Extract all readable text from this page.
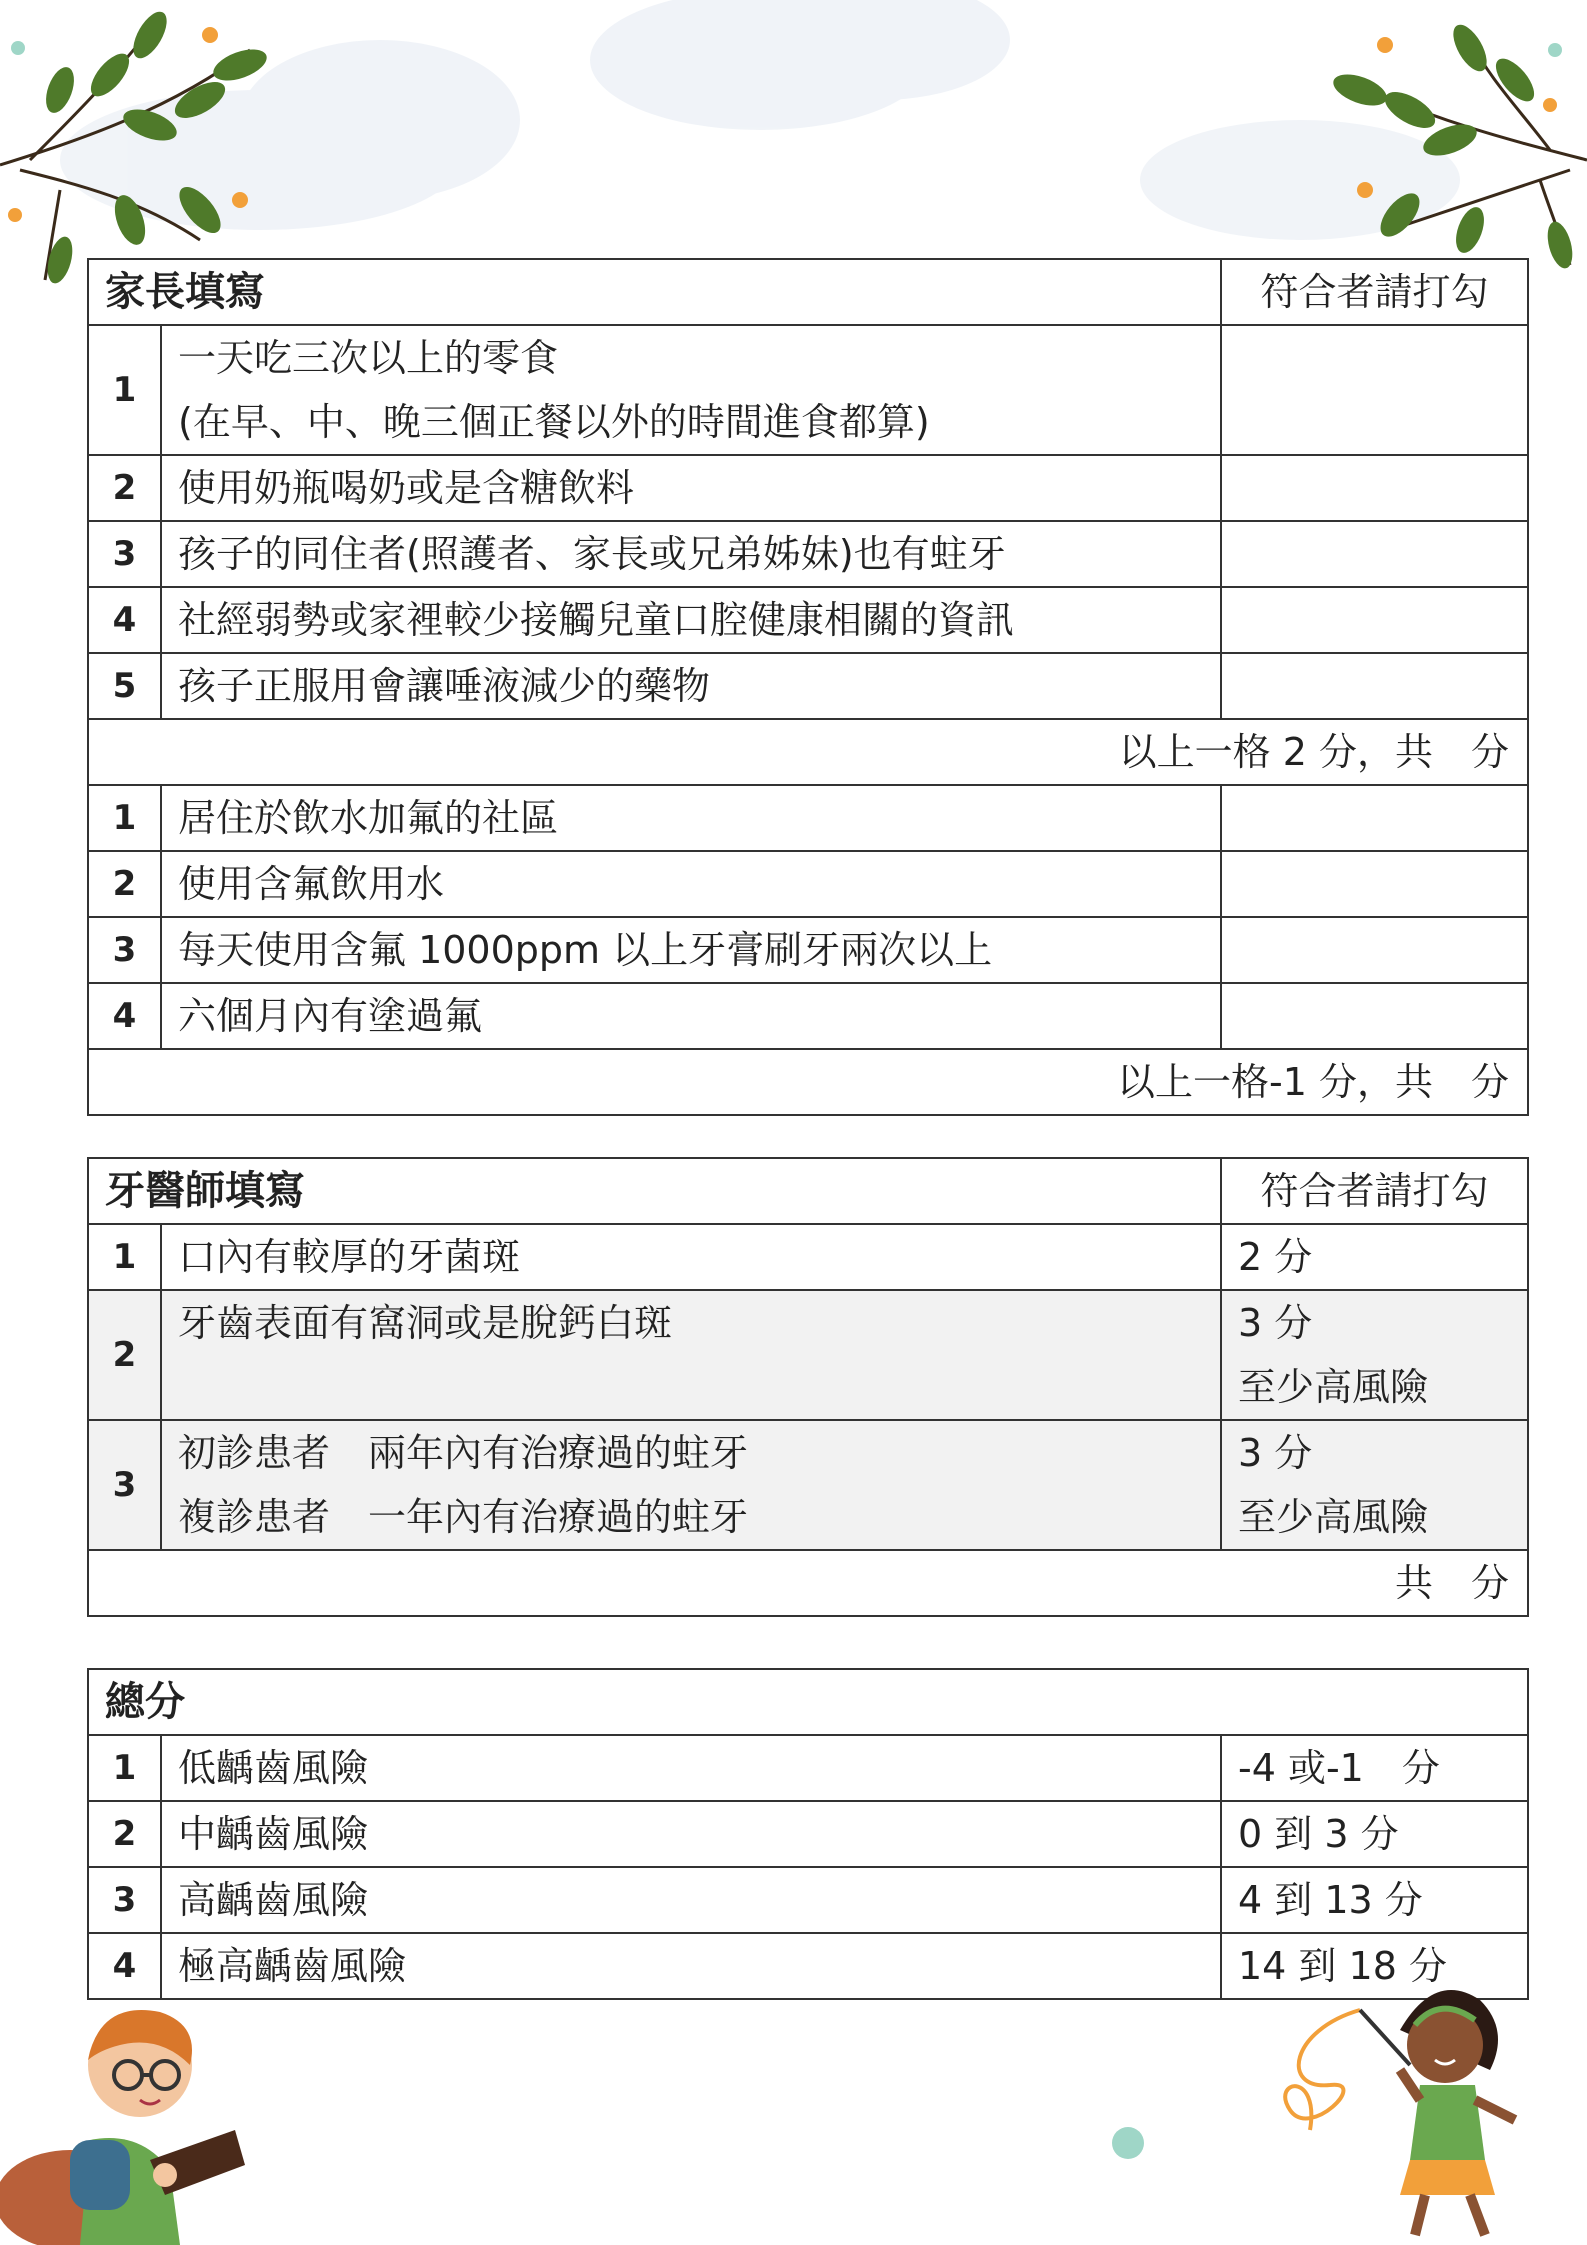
家長填寫		符合者請打勾
1	一天吃三次以上的零食
(在早、中、晚三個正餐以外的時間進食都算)	

2	使用奶瓶喝奶或是含糖飲料	
3	孩子的同住者(照護者、家長或兄弟姊妹)也有蛀牙	
4	社經弱勢或家裡較少接觸兒童口腔健康相關的資訊	
5	孩子正服用會讓唾液減少的藥物	
以上一格 2 分，共　分		
1	居住於飲水加氟的社區	
2	使用含氟飲用水	
3	每天使用含氟 1000ppm 以上牙膏刷牙兩次以上	
4	六個月內有塗過氟	
以上一格-1 分，共　分		
牙醫師填寫		符合者請打勾
1	口內有較厚的牙菌斑	2 分
2	牙齒表面有窩洞或是脫鈣白斑	3 分
至少高風險

3	初診患者　兩年內有治療過的蛀牙
複診患者　一年內有治療過的蛀牙	3 分
至少高風險

共　分		
總分		
1	低齲齒風險	-4 或-1　分
2	中齲齒風險	0 到 3 分
3	高齲齒風險	4 到 13 分
4	極高齲齒風險	14 到 18 分
